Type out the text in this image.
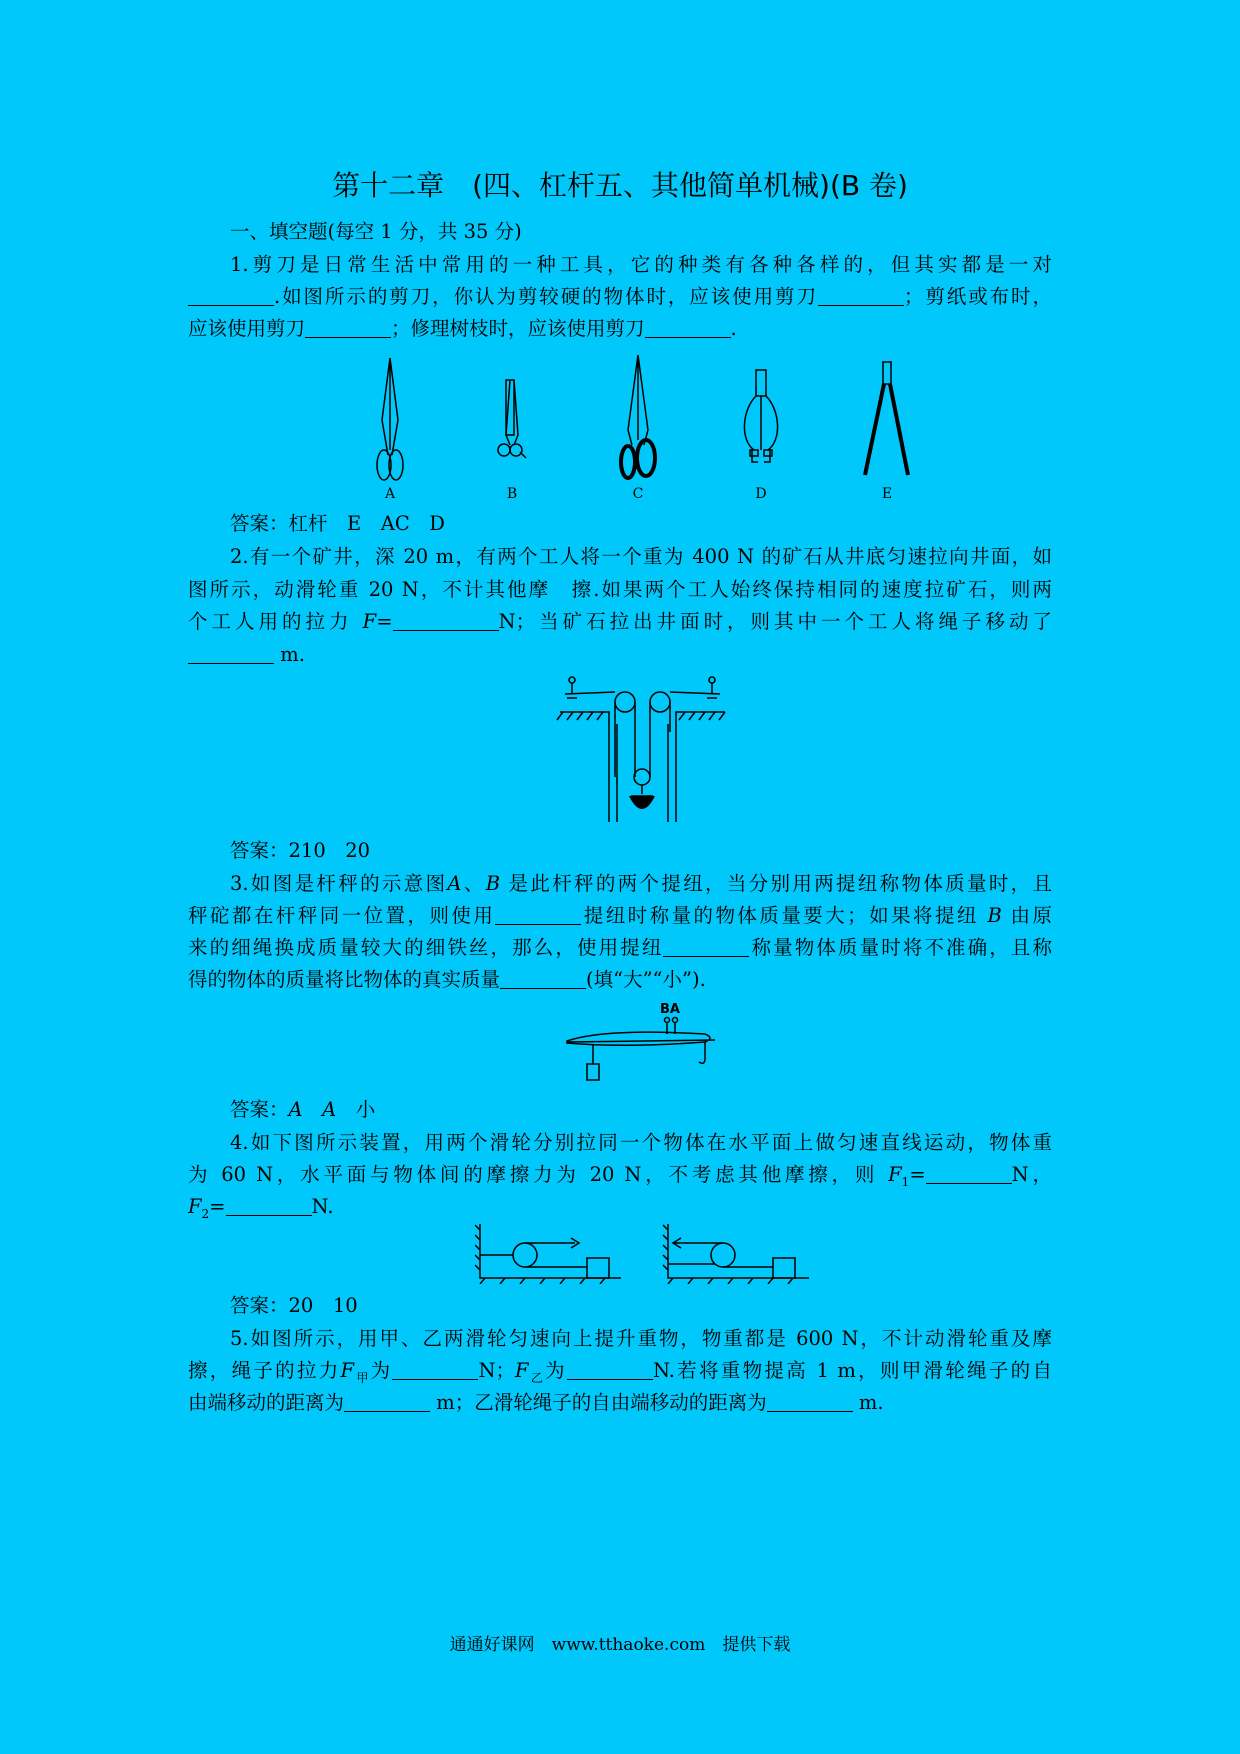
第十二章　(四、杠杆五、其他简单机械)(B 卷)
一、填空题(每空 1 分，共 35 分)
1.剪刀是日常生活中常用的一种工具，它的种类有各种各样的，但其实都是一对
.如图所示的剪刀，你认为剪较硬的物体时，应该使用剪刀	；剪纸或布时，
应该使用剪刀	；修理树枝时，应该使用剪刀	.
A	B	C	D	E
答案：杠杆　E　AC　D
2.有一个矿井，深 20 m，有两个工人将一个重为 400 N 的矿石从井底匀速拉向井面，如
图所示，动滑轮重 20 N，不计其他摩　擦.如果两个工人始终保持相同的速度拉矿石，则两
个工人用的拉力 F=	N；当矿石拉出井面时，则其中一个工人将绳子移动了
m.
答案：210　20
3.如图是杆秤的示意图A、B 是此杆秤的两个提纽，当分别用两提纽称物体质量时，且
秤砣都在杆秤同一位置，则使用	提纽时称量的物体质量要大；如果将提纽 B 由原
来的细绳换成质量较大的细铁丝，那么，使用提纽	称量物体质量时将不准确，且称
得的物体的质量将比物体的真实质量	(填“大”“小”).
BA
答案：A　A　小
4.如下图所示装置，用两个滑轮分别拉同一个物体在水平面上做匀速直线运动，物体重
为 60 N，水平面与物体间的摩擦力为 20 N，不考虑其他摩擦，则 $F_1=$	N，
$F_2=$	N.
答案：20　10
5.如图所示，用甲、乙两滑轮匀速向上提升重物，物重都是 600 N，不计动滑轮重及摩
擦，绳子的拉力$F_甲$为	N；$F_乙$为	N.若将重物提高 1 m，则甲滑轮绳子的自
由端移动的距离为	m；乙滑轮绳子的自由端移动的距离为	m.
通通好课网　www.tthaoke.com　提供下载
